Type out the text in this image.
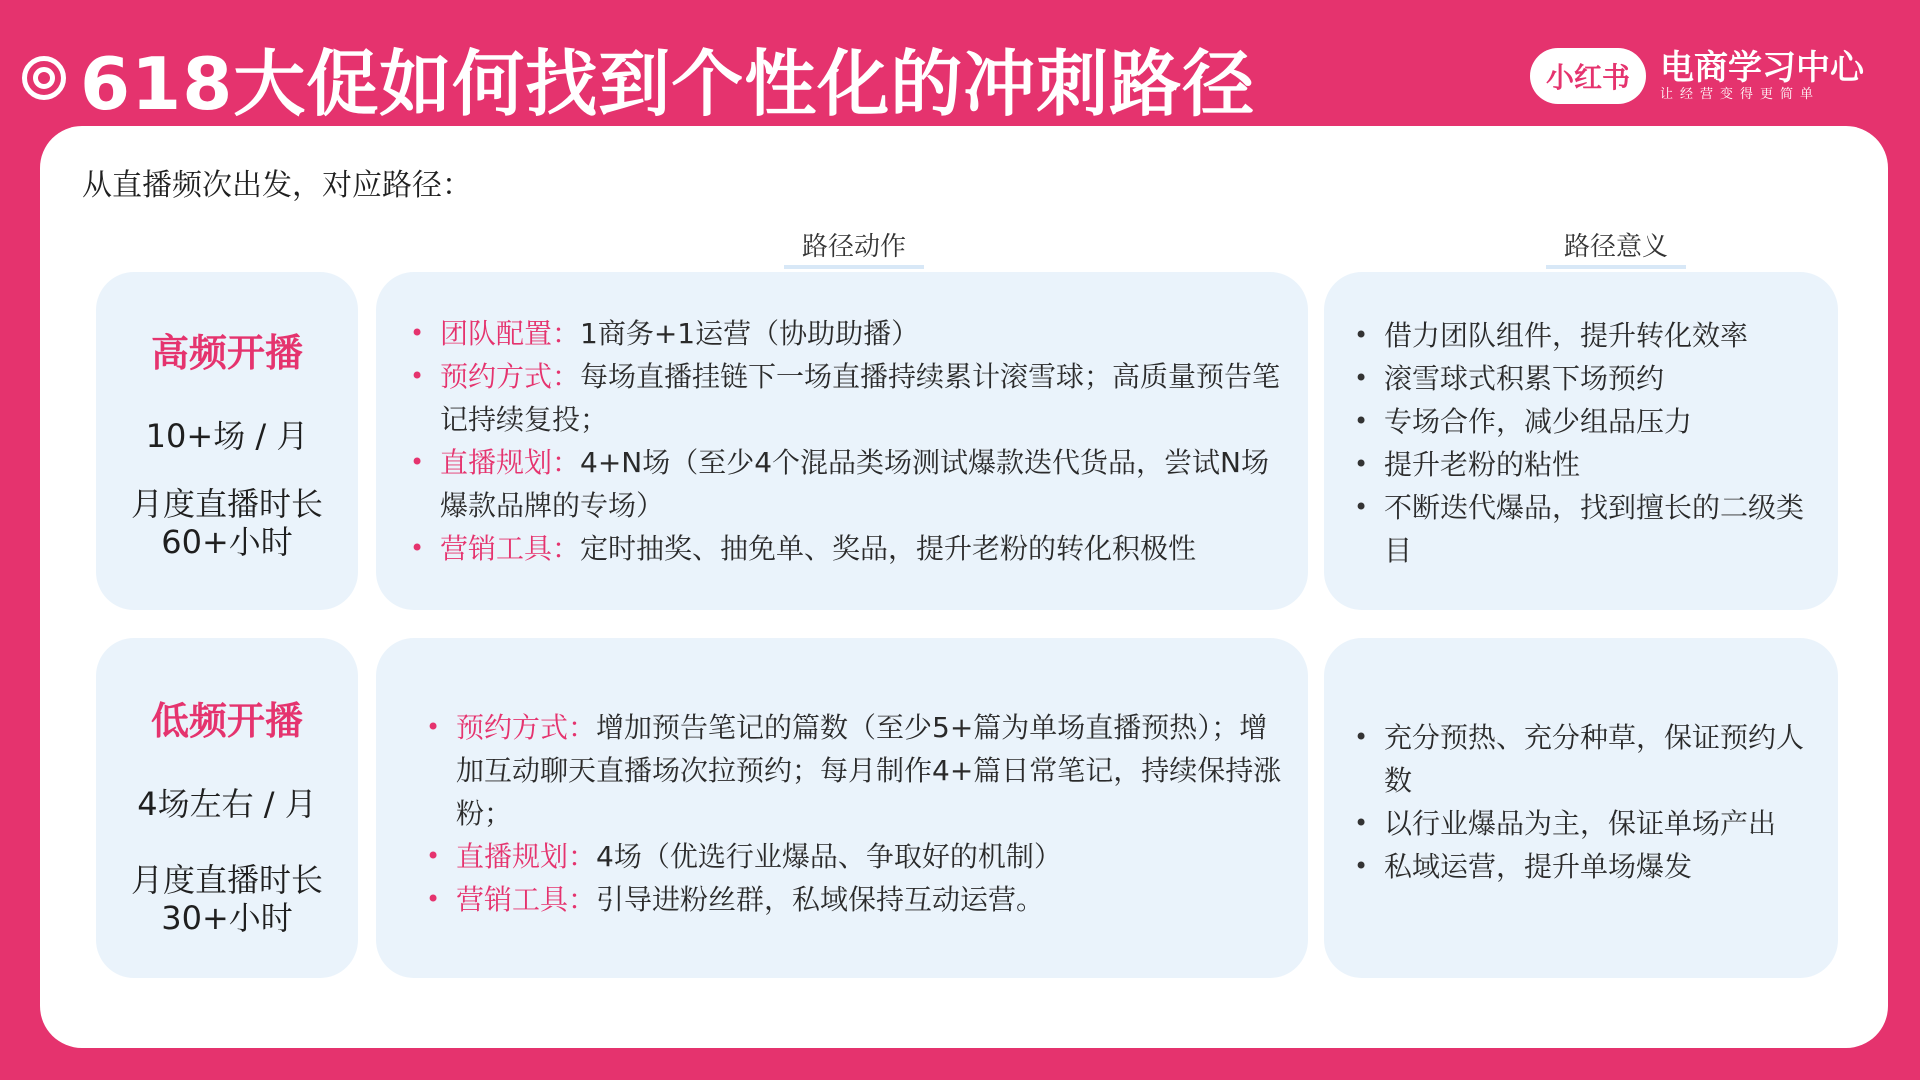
618大促如何找到个性化的冲刺路径	小红书 电商学习中心
让经营变得更简单
从直播频次出发，对应路径：
路径动作	路径意义
高频开播
10+场 / 月
月度直播时长
60+小时
• 团队配置：1商务+1运营（协助助播）
• 预约方式：每场直播挂链下一场直播持续累计滚雪球；高质量预告笔记持续复投；
• 直播规划：4+N场（至少4个混品类场测试爆款迭代货品，尝试N场爆款品牌的专场）
• 营销工具：定时抽奖、抽免单、奖品，提升老粉的转化积极性
• 借力团队组件，提升转化效率
• 滚雪球式积累下场预约
• 专场合作，减少组品压力
• 提升老粉的粘性
• 不断迭代爆品，找到擅长的二级类目
低频开播
4场左右 / 月
月度直播时长
30+小时
• 预约方式：增加预告笔记的篇数（至少5+篇为单场直播预热）；增加互动聊天直播场次拉预约；每月制作4+篇日常笔记，持续保持涨粉；
• 直播规划：4场（优选行业爆品、争取好的机制）
• 营销工具：引导进粉丝群，私域保持互动运营。
• 充分预热、充分种草，保证预约人数
• 以行业爆品为主，保证单场产出
• 私域运营，提升单场爆发
